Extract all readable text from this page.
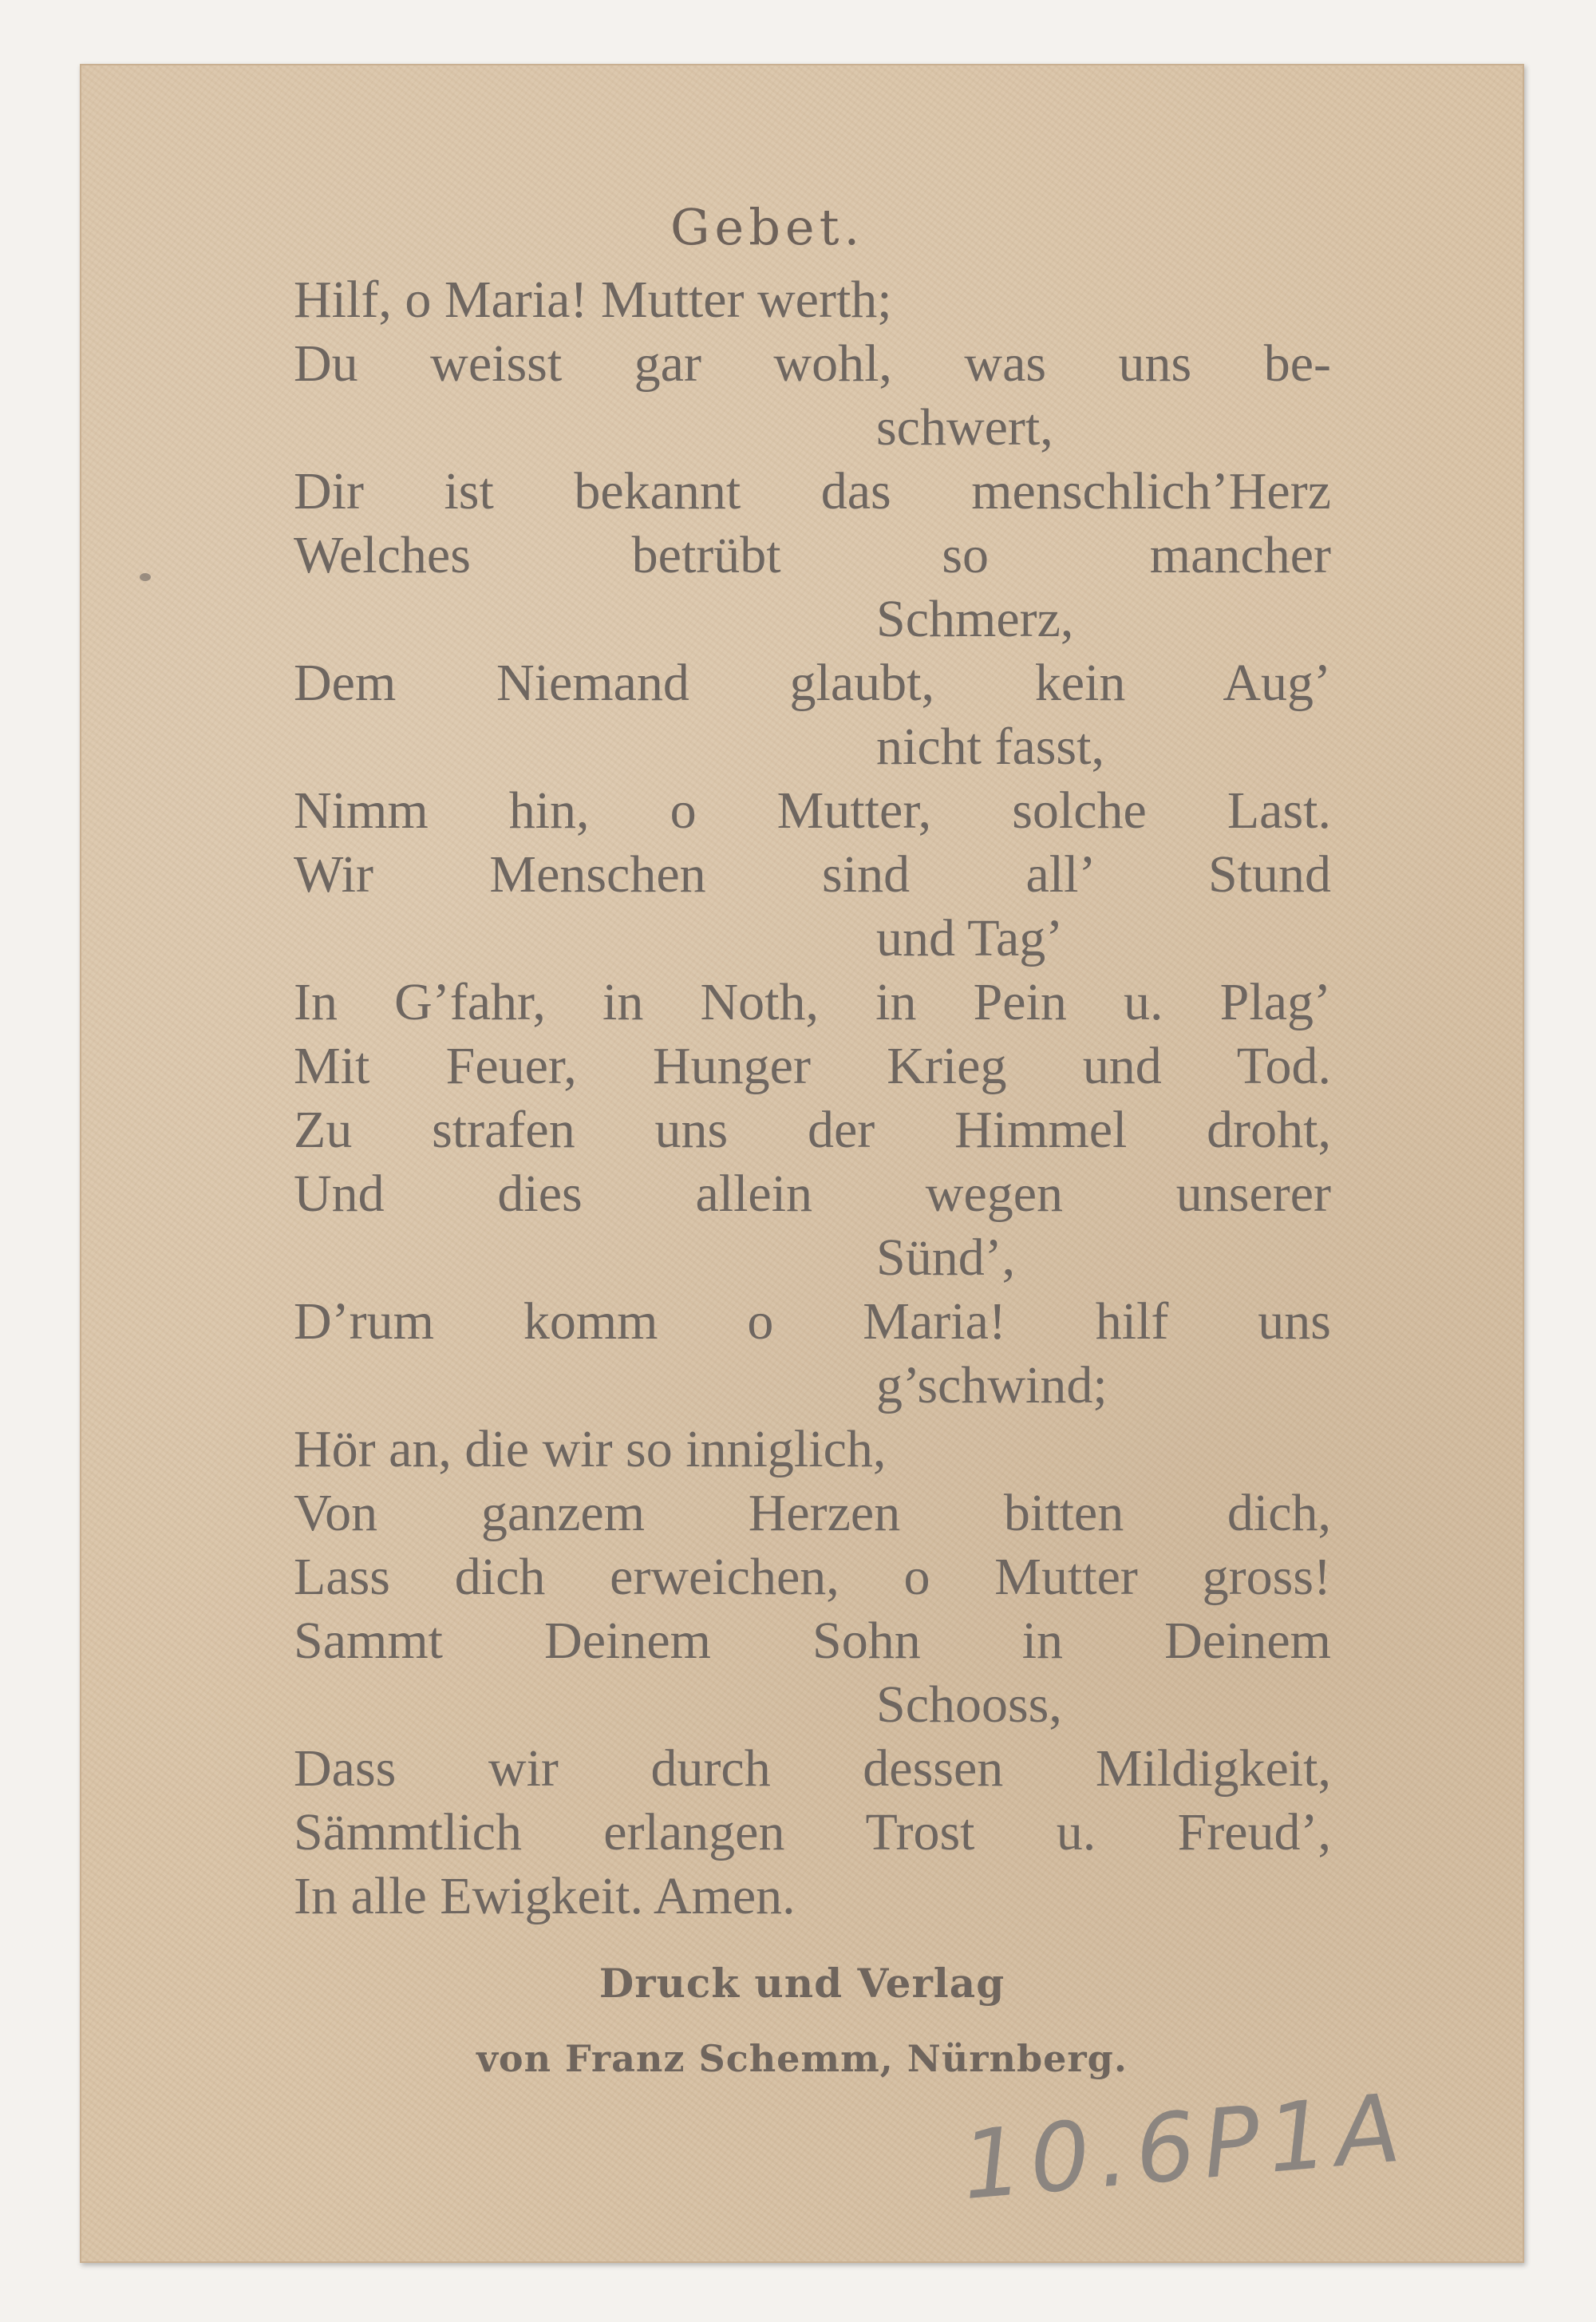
Gebet.
Hilf, o Maria! Mutter werth;
Du weisst gar wohl, was uns be-
schwert,
Dir ist bekannt das menschlich’Herz
Welches betrübt so mancher
Schmerz,
Dem Niemand glaubt, kein Aug’
nicht fasst,
Nimm hin, o Mutter, solche Last.
Wir Menschen sind all’ Stund
und Tag’
In G’fahr, in Noth, in Pein u. Plag’
Mit Feuer, Hunger Krieg und Tod.
Zu strafen uns der Himmel droht,
Und dies allein wegen unserer
Sünd’,
D’rum komm o Maria! hilf uns
g’schwind;
Hör an, die wir so inniglich,
Von ganzem Herzen bitten dich,
Lass dich erweichen, o Mutter gross!
Sammt Deinem Sohn in Deinem
Schooss,
Dass wir durch dessen Mildigkeit,
Sämmtlich erlangen Trost u. Freud’,
In alle Ewigkeit. Amen.

Druck und Verlag

von Franz Schemm, Nürnberg.

10.6P1A
